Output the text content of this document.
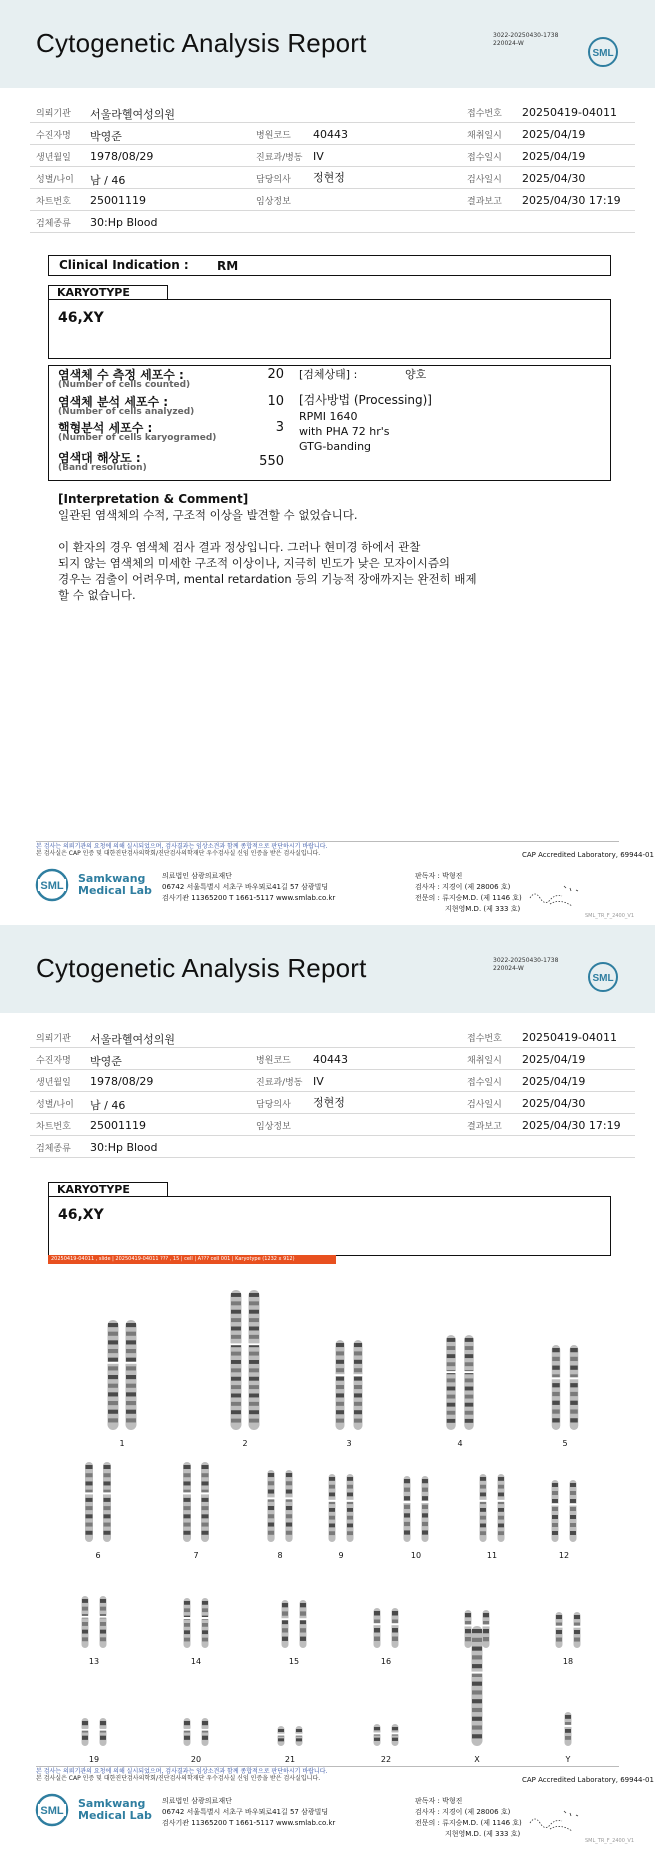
Cytogenetic Analysis Report	3022-20250430-1738
220024-W
SML
의뢰기관 서울라헬여성의원	접수번호 20250419-04011
수진자명 박영준	병원코드 40443	채취일시 2025/04/19
생년월일 1978/08/29	진료과/병동 IV	접수일시 2025/04/19
성별/나이 남 / 46	담당의사 정현정	검사일시 2025/04/30
차트번호 25001119	임상정보	결과보고 2025/04/30 17:19
검체종류 30:Hp Blood
Clinical Indication : RM
KARYOTYPE
46,XY
염색체 수 측정 세포수 :
(Number of cells counted)
20
염색체 분석 세포수 :
(Number of cells analyzed)
10
핵형분석 세포수 :
(Number of cells karyogramed)
3
염색대 해상도 :
(Band resolution)	550
[검체상태] :	양호
[검사방법 (Processing)]
RPMI 1640
with PHA 72 hr's
GTG-banding
[Interpretation & Comment]
일관된 염색체의 수적, 구조적 이상을 발견할 수 없었습니다.
이 환자의 경우 염색체 검사 결과 정상입니다. 그러나 현미경 하에서 관찰
되지 않는 염색체의 미세한 구조적 이상이나, 지극히 빈도가 낮은 모자이시즘의
경우는 검출이 어려우며, mental retardation 등의 기능적 장애까지는 완전히 배제
할 수 없습니다.
본 검사는 의뢰기관의 요청에 의해 실시되었으며, 검사결과는 임상소견과 함께 종합적으로 판단하시기 바랍니다.
본 검사실은 CAP 인증 및 대한진단검사의학회/진단검사의학재단 우수검사실 신임 인증을 받은 검사실입니다.	CAP Accredited Laboratory, 69944-01
SML
Samkwang
Medical Lab
의료법인 삼광의료재단
06742 서울특별시 서초구 바우뫼로41길 57 삼광빌딩
검사기관 11365200 T 1661-5117 www.smlab.co.kr
판독자 : 박형진
검사자 : 지경이 (제 28006 호)
전문의 : 류지승M.D. (제 1146 호)
지현영M.D. (제 333 호)
SML_TR_F_2400_V1
Cytogenetic Analysis Report	3022-20250430-1738
220024-W
SML
의뢰기관 서울라헬여성의원	접수번호 20250419-04011
수진자명 박영준	병원코드 40443	채취일시 2025/04/19
생년월일 1978/08/29	진료과/병동 IV	접수일시 2025/04/19
성별/나이 남 / 46	담당의사 정현정	검사일시 2025/04/30
차트번호 25001119	임상정보	결과보고 2025/04/30 17:19
검체종류 30:Hp Blood
KARYOTYPE
46,XY
본 검사는 의뢰기관의 요청에 의해 실시되었으며, 검사결과는 임상소견과 함께 종합적으로 판단하시기 바랍니다.
본 검사실은 CAP 인증 및 대한진단검사의학회/진단검사의학재단 우수검사실 신임 인증을 받은 검사실입니다.	CAP Accredited Laboratory, 69944-01
SML
Samkwang
Medical Lab
의료법인 삼광의료재단
06742 서울특별시 서초구 바우뫼로41길 57 삼광빌딩
검사기관 11365200 T 1661-5117 www.smlab.co.kr
판독자 : 박형진
검사자 : 지경이 (제 28006 호)
전문의 : 류지승M.D. (제 1146 호)
지현영M.D. (제 333 호)
SML_TR_F_2400_V1
20250419-04011 , slide | 20250419-04011 ??? , 15 | cell | A??? cell 001 | Karyotype (1232 x 912)
1	2	3	4	5
6	7	8	9	10	11	12
13	14	15	16	18
19	20	21	22	X	Y
